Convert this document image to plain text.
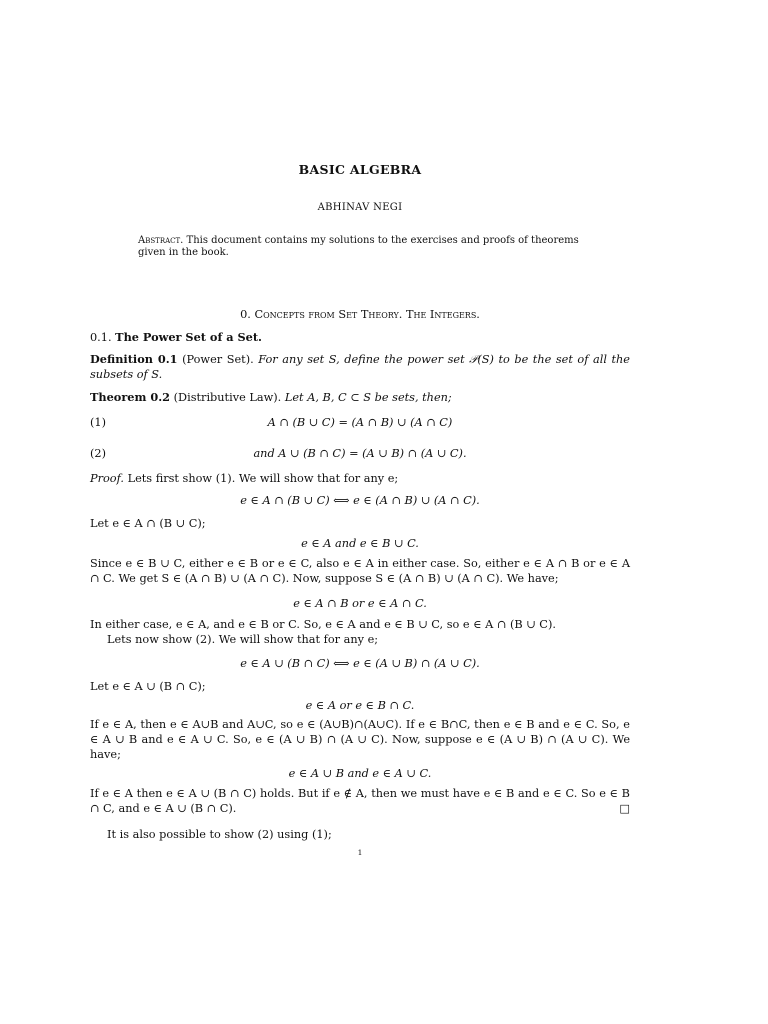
BASIC ALGEBRA
ABHINAV NEGI
Abstract. This document contains my solutions to the exercises and proofs of theorems given in the book.
0. Concepts from Set Theory. The Integers.
0.1. The Power Set of a Set.
Definition 0.1 (Power Set). For any set S, define the power set 𝒫(S) to be the set of all the subsets of S.
Theorem 0.2 (Distributive Law). Let A, B, C ⊂ S be sets, then;
(1)	A ∩ (B ∪ C) = (A ∩ B) ∪ (A ∩ C)
(2)	and A ∪ (B ∩ C) = (A ∪ B) ∩ (A ∪ C).
Proof. Lets first show (1). We will show that for any e;
e ∈ A ∩ (B ∪ C) ⟺ e ∈ (A ∩ B) ∪ (A ∩ C).
Let e ∈ A ∩ (B ∪ C);
e ∈ A and e ∈ B ∪ C.
Since e ∈ B ∪ C, either e ∈ B or e ∈ C, also e ∈ A in either case. So, either e ∈ A ∩ B or e ∈ A ∩ C. We get S ∈ (A ∩ B) ∪ (A ∩ C). Now, suppose S ∈ (A ∩ B) ∪ (A ∩ C). We have;
e ∈ A ∩ B or e ∈ A ∩ C.
In either case, e ∈ A, and e ∈ B or C. So, e ∈ A and e ∈ B ∪ C, so e ∈ A ∩ (B ∪ C).
Lets now show (2). We will show that for any e;
e ∈ A ∪ (B ∩ C) ⟺ e ∈ (A ∪ B) ∩ (A ∪ C).
Let e ∈ A ∪ (B ∩ C);
e ∈ A or e ∈ B ∩ C.
If e ∈ A, then e ∈ A∪B and A∪C, so e ∈ (A∪B)∩(A∪C). If e ∈ B∩C, then e ∈ B and e ∈ C. So, e ∈ A ∪ B and e ∈ A ∪ C. So, e ∈ (A ∪ B) ∩ (A ∪ C). Now, suppose e ∈ (A ∪ B) ∩ (A ∪ C). We have;
e ∈ A ∪ B and e ∈ A ∪ C.
If e ∈ A then e ∈ A ∪ (B ∩ C) holds. But if e ∉ A, then we must have e ∈ B and e ∈ C. So e ∈ B ∩ C, and e ∈ A ∪ (B ∩ C).	□
It is also possible to show (2) using (1);
1
